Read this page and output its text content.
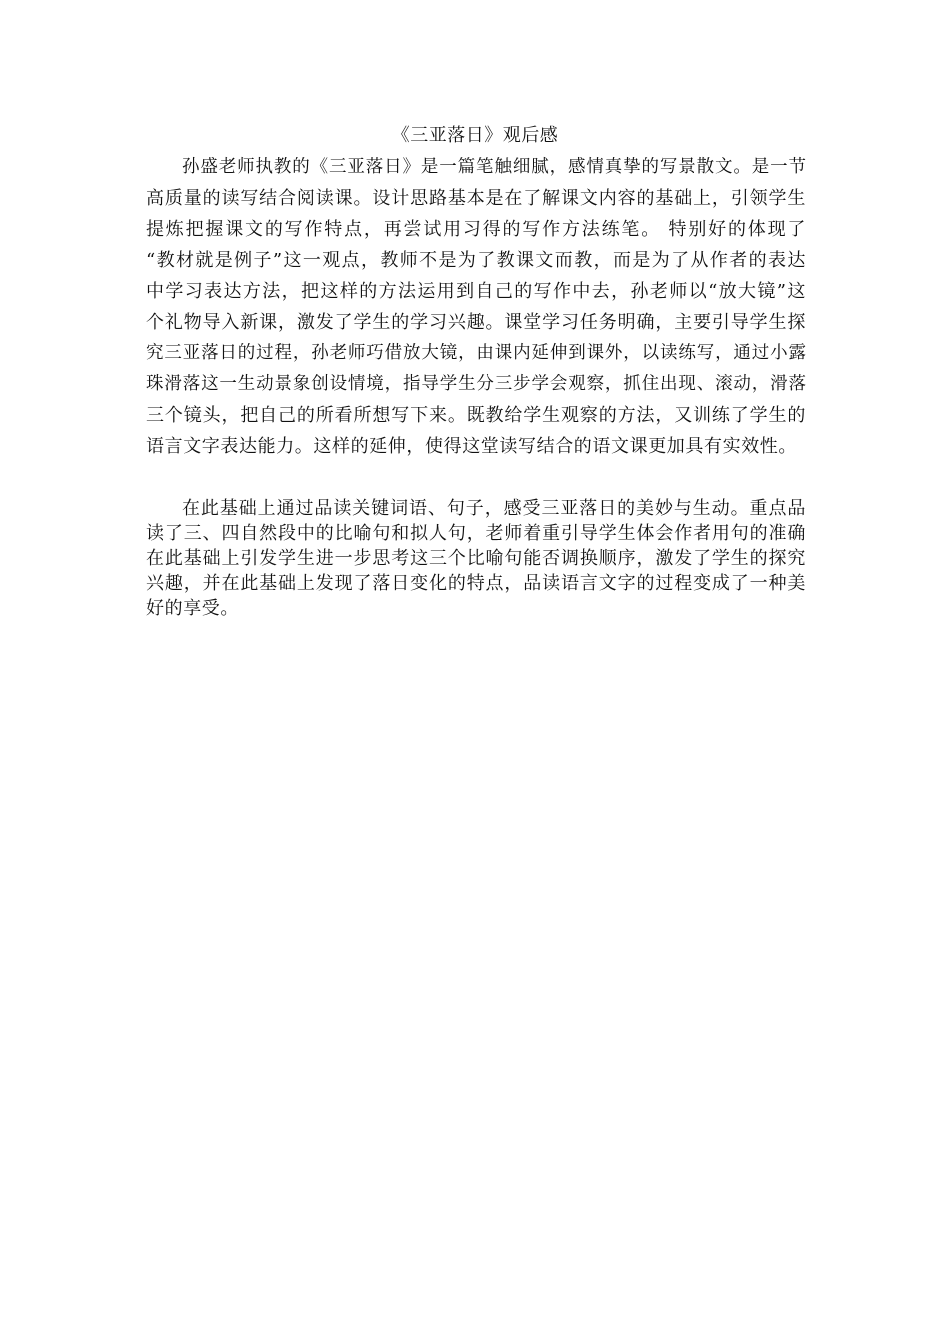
《三亚落日》观后感
孙盛老师执教的《三亚落日》是一篇笔触细腻，感情真挚的写景散文。是一节
高质量的读写结合阅读课。设计思路基本是在了解课文内容的基础上，引领学生
提炼把握课文的写作特点，再尝试用习得的写作方法练笔。 特别好的体现了
“教材就是例子”这一观点，教师不是为了教课文而教，而是为了从作者的表达
中学习表达方法，把这样的方法运用到自己的写作中去，孙老师以“放大镜”这
个礼物导入新课，激发了学生的学习兴趣。课堂学习任务明确，主要引导学生探
究三亚落日的过程，孙老师巧借放大镜，由课内延伸到课外，以读练写，通过小露
珠滑落这一生动景象创设情境，指导学生分三步学会观察，抓住出现、滚动，滑落
三个镜头，把自己的所看所想写下来。既教给学生观察的方法，又训练了学生的
语言文字表达能力。这样的延伸，使得这堂读写结合的语文课更加具有实效性。
在此基础上通过品读关键词语、句子，感受三亚落日的美妙与生动。重点品
读了三、四自然段中的比喻句和拟人句，老师着重引导学生体会作者用句的准确
在此基础上引发学生进一步思考这三个比喻句能否调换顺序，激发了学生的探究
兴趣，并在此基础上发现了落日变化的特点，品读语言文字的过程变成了一种美
好的享受。
